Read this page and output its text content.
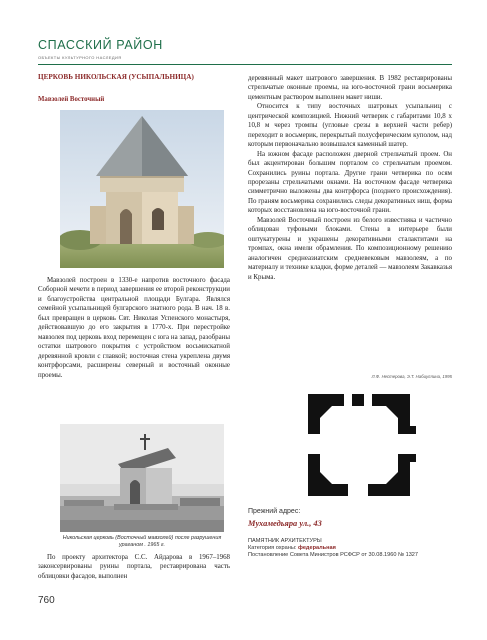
СПАССКИЙ РАЙОН
ОБЪЕКТЫ КУЛЬТУРНОГО НАСЛЕДИЯ
ЦЕРКОВЬ НИКОЛЬСКАЯ (УСЫПАЛЬНИЦА)
Мавзолей Восточный

Мавзолей построен в 1330-е напротив восточного фасада Соборной мечети в период завершения ее второй реконструкции и благоустройства центральной площади Булгара. Являлся семейной усыпальницей булгарского знатного рода. В нач. 18 в. был превращен в церковь Свт. Николая Успенского монастыря, действовавшую до его закрытия в 1770-х. При перестройке мавзолея под церковь вход перемещен с юга на запад, разобраны остатки шатрового покрытия с устройством восьмискатной деревянной кровли с главкой; восточная стена укреплена двумя контрфорсами, расширены северный и восточный оконные проемы.

Никольская церковь (Восточный мавзолей) после разрушения ураганом . 1965 г.

По проекту архитектора С.С. Айдарова в 1967–1968 законсервированы руины портала, реставрирована часть облицовки фасадов, выполнен

деревянный макет шатрового завершения. В 1982 реставрированы стрельчатые оконные проемы, на юго-восточной грани восьмерика цементным раствором выполнен макет ниши.

Относится к типу восточных шатровых усыпальниц с центрической композицией. Нижний четверик с габаритами 10,8 х 10,8 м через тромпы (угловые срезы в верхней части ребер) переходит в восьмерик, перекрытый полусферическим куполом, над которым первоначально возвышался каменный шатер.

На южном фасаде расположен дверной стрельчатый проем. Он был акцентирован большим порталом со стрельчатым проемом. Сохранились руины портала. Другие грани четверика по осям прорезаны стрельчатыми окнами. На восточном фасаде четверика симметрично выложены два контрфорса (позднего происхождения). По граням восьмерика сохранились следы декоративных ниш, форма которых восстановлена на юго-восточной грани.

Мавзолей Восточный построен из белого известняка и частично облицован туфовыми блоками. Стены в интерьере были оштукатурены и украшены декоративными сталактитами на тромпах, окна имели обрамления. По композиционному решению аналогичен среднеазиатским средневековым мавзолеям, а по материалу и технике кладки, форме деталей — мавзолеям Закавказья и Крыма.

Л.Ф. Нестерова, Э.Т. Набиуллина, 1995
Прежний адрес:
Мухамедьяра ул., 43
ПАМЯТНИК АРХИТЕКТУРЫ
Категория охраны: федеральная
Постановление Совета Министров РСФСР от 30.08.1960 № 1327
760
